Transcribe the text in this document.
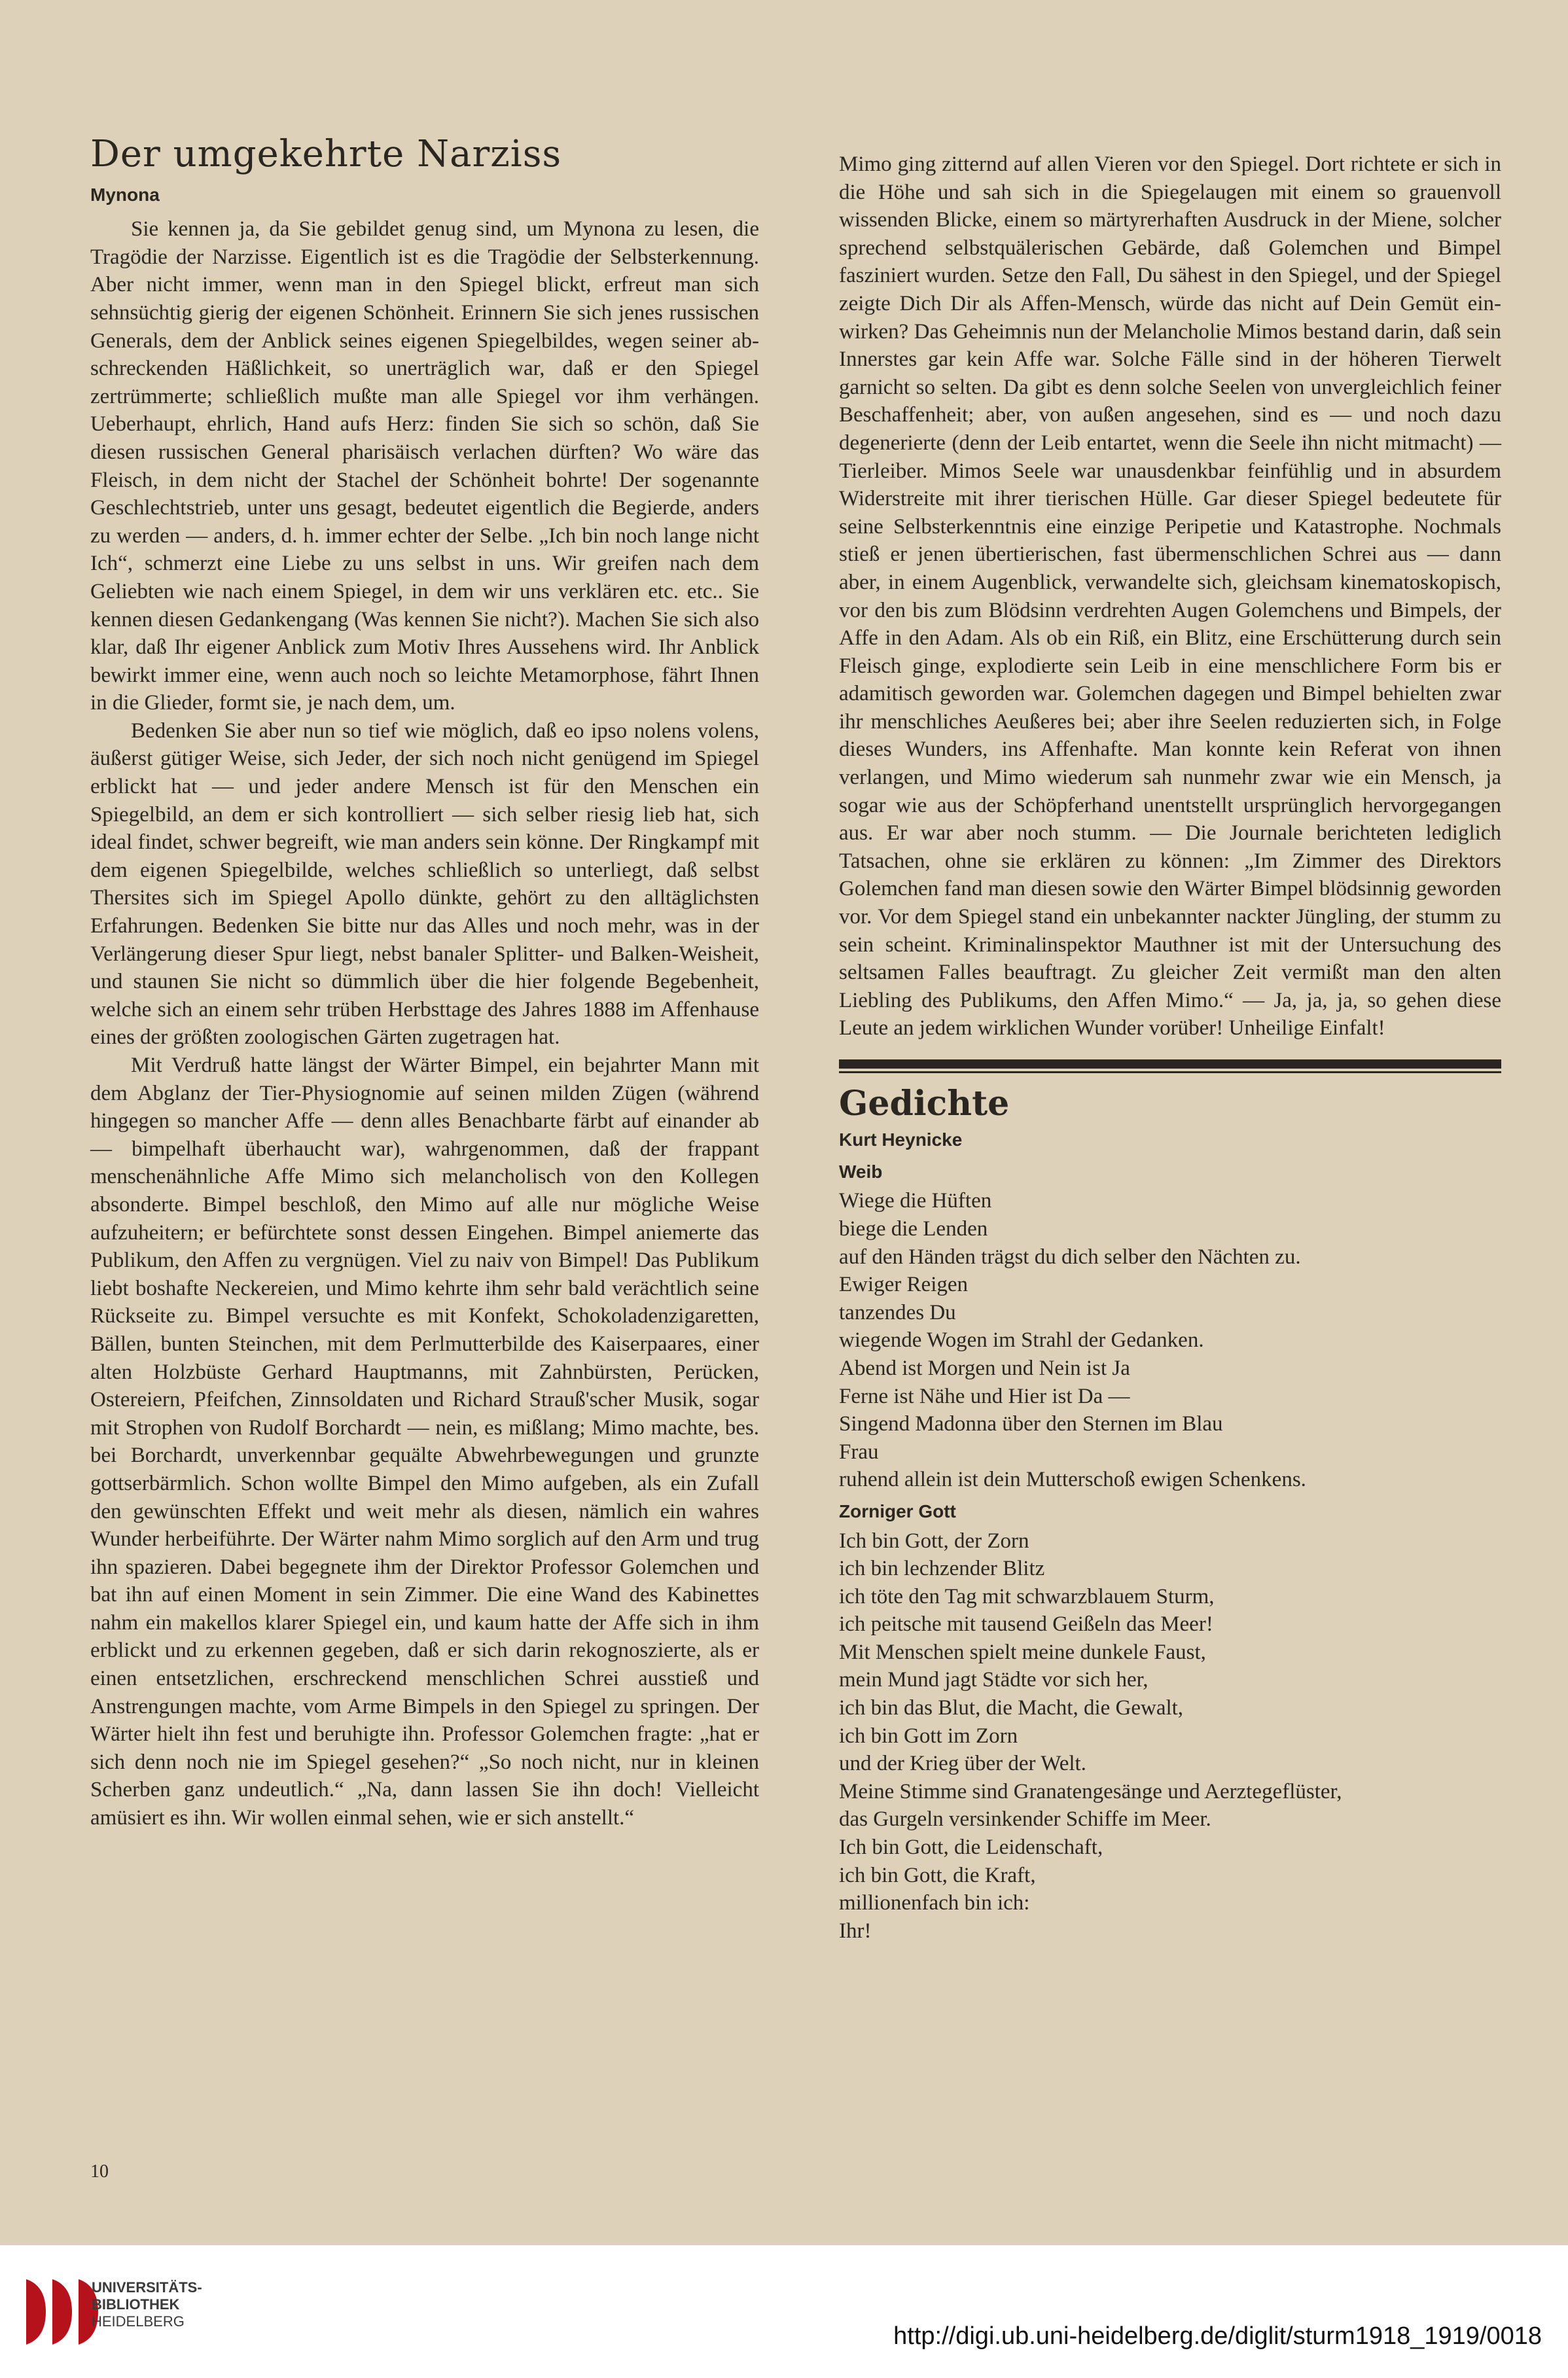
Der umgekehrte Narziss

Mynona

Sie kennen ja, da Sie gebildet genug sind, um Mynona zu lesen, die Tragödie der Narzisse. Eigentlich ist es die Tragödie der Selbsterkennung. Aber nicht immer, wenn man in den Spiegel blickt, erfreut man sich sehnsüchtig gierig der eigenen Schönheit. Erinnern Sie sich jenes russischen Generals, dem der Anblick seines eigenen Spiegelbildes, wegen seiner abschreckenden Häßlichkeit, so unerträglich war, daß er den Spiegel zertrümmerte; schließlich mußte man alle Spiegel vor ihm verhängen. Ueberhaupt, ehrlich, Hand aufs Herz: finden Sie sich so schön, daß Sie diesen russischen General pharisäisch verlachen dürften? Wo wäre das Fleisch, in dem nicht der Stachel der Schönheit bohrte! Der sogenannte Geschlechtstrieb, unter uns gesagt, bedeutet eigentlich die Begierde, anders zu werden — anders, d. h. immer echter der Selbe. „Ich bin noch lange nicht Ich“, schmerzt eine Liebe zu uns selbst in uns. Wir greifen nach dem Geliebten wie nach einem Spiegel, in dem wir uns verklären etc. etc.. Sie kennen diesen Gedankengang (Was kennen Sie nicht?). Machen Sie sich also klar, daß Ihr eigener Anblick zum Motiv Ihres Aussehens wird. Ihr Anblick bewirkt immer eine, wenn auch noch so leichte Metamorphose, fährt Ihnen in die Glieder, formt sie, je nach dem, um.

Bedenken Sie aber nun so tief wie möglich, daß eo ipso nolens volens, äußerst gütiger Weise, sich Jeder, der sich noch nicht genügend im Spiegel erblickt hat — und jeder andere Mensch ist für den Menschen ein Spiegelbild, an dem er sich kontrolliert — sich selber riesig lieb hat, sich ideal findet, schwer begreift, wie man anders sein könne. Der Ringkampf mit dem eigenen Spiegelbilde, welches schließlich so unterliegt, daß selbst Thersites sich im Spiegel Apollo dünkte, gehört zu den alltäglichsten Erfahrungen. Bedenken Sie bitte nur das Alles und noch mehr, was in der Verlängerung dieser Spur liegt, nebst banaler Splitter- und Balken-Weisheit, und staunen Sie nicht so dümmlich über die hier folgende Begebenheit, welche sich an einem sehr trüben Herbsttage des Jahres 1888 im Affenhause eines der größten zoologischen Gärten zugetragen hat.

Mit Verdruß hatte längst der Wärter Bimpel, ein bejahrter Mann mit dem Abglanz der Tier-Physiognomie auf seinen milden Zügen (während hingegen so mancher Affe — denn alles Benachbarte färbt auf einander ab — bimpelhaft überhaucht war), wahrgenommen, daß der frappant menschenähnliche Affe Mimo sich melancholisch von den Kollegen absonderte. Bimpel beschloß, den Mimo auf alle nur mögliche Weise aufzuheitern; er befürchtete sonst dessen Eingehen. Bimpel aniemerte das Publikum, den Affen zu vergnügen. Viel zu naiv von Bimpel! Das Publikum liebt boshafte Neckereien, und Mimo kehrte ihm sehr bald verächtlich seine Rückseite zu. Bimpel versuchte es mit Konfekt, Schokoladenzigaretten, Bällen, bunten Steinchen, mit dem Perlmutterbilde des Kaiserpaares, einer alten Holzbüste Gerhard Hauptmanns, mit Zahnbürsten, Perücken, Ostereiern, Pfeifchen, Zinnsoldaten und Richard Strauß'scher Musik, sogar mit Strophen von Rudolf Borchardt — nein, es mißlang; Mimo machte, bes. bei Borchardt, unverkennbar gequälte Abwehrbewegungen und grunzte gottserbärmlich. Schon wollte Bimpel den Mimo aufgeben, als ein Zufall den gewünschten Effekt und weit mehr als diesen, nämlich ein wahres Wunder herbeiführte. Der Wärter nahm Mimo sorglich auf den Arm und trug ihn spazieren. Dabei begegnete ihm der Direktor Professor Golemchen und bat ihn auf einen Moment in sein Zimmer. Die eine Wand des Kabinettes nahm ein makellos klarer Spiegel ein, und kaum hatte der Affe sich in ihm erblickt und zu erkennen gegeben, daß er sich darin rekognoszierte, als er einen entsetzlichen, erschreckend menschlichen Schrei ausstieß und Anstrengungen machte, vom Arme Bimpels in den Spiegel zu springen. Der Wärter hielt ihn fest und beruhigte ihn. Professor Golemchen fragte: „hat er sich denn noch nie im Spiegel gesehen?“ „So noch nicht, nur in kleinen Scherben ganz undeutlich.“ „Na, dann lassen Sie ihn doch! Vielleicht amüsiert es ihn. Wir wollen einmal sehen, wie er sich anstellt.“

Mimo ging zitternd auf allen Vieren vor den Spiegel. Dort richtete er sich in die Höhe und sah sich in die Spiegelaugen mit einem so grauenvoll wissenden Blicke, einem so märtyrerhaften Ausdruck in der Miene, solcher sprechend selbstquälerischen Gebärde, daß Golemchen und Bimpel fasziniert wurden. Setze den Fall, Du sähest in den Spiegel, und der Spiegel zeigte Dich Dir als Affen-Mensch, würde das nicht auf Dein Gemüt einwirken? Das Geheimnis nun der Melancholie Mimos bestand darin, daß sein Innerstes gar kein Affe war. Solche Fälle sind in der höheren Tierwelt garnicht so selten. Da gibt es denn solche Seelen von unvergleichlich feiner Beschaffenheit; aber, von außen angesehen, sind es — und noch dazu degenerierte (denn der Leib entartet, wenn die Seele ihn nicht mitmacht) — Tierleiber. Mimos Seele war unausdenkbar feinfühlig und in absurdem Widerstreite mit ihrer tierischen Hülle. Gar dieser Spiegel bedeutete für seine Selbsterkenntnis eine einzige Peripetie und Katastrophe. Nochmals stieß er jenen übertierischen, fast übermenschlichen Schrei aus — dann aber, in einem Augenblick, verwandelte sich, gleichsam kinematoskopisch, vor den bis zum Blödsinn verdrehten Augen Golemchens und Bimpels, der Affe in den Adam. Als ob ein Riß, ein Blitz, eine Erschütterung durch sein Fleisch ginge, explodierte sein Leib in eine menschlichere Form bis er adamitisch geworden war. Golemchen dagegen und Bimpel behielten zwar ihr menschliches Aeußeres bei; aber ihre Seelen reduzierten sich, in Folge dieses Wunders, ins Affenhafte. Man konnte kein Referat von ihnen verlangen, und Mimo wiederum sah nunmehr zwar wie ein Mensch, ja sogar wie aus der Schöpferhand unentstellt ursprünglich hervorgegangen aus. Er war aber noch stumm. — Die Journale berichteten lediglich Tatsachen, ohne sie erklären zu können: „Im Zimmer des Direktors Golemchen fand man diesen sowie den Wärter Bimpel blödsinnig geworden vor. Vor dem Spiegel stand ein unbekannter nackter Jüngling, der stumm zu sein scheint. Kriminalinspektor Mauthner ist mit der Untersuchung des seltsamen Falles beauftragt. Zu gleicher Zeit vermißt man den alten Liebling des Publikums, den Affen Mimo.“ — Ja, ja, ja, so gehen diese Leute an jedem wirklichen Wunder vorüber! Unheilige Einfalt!

Gedichte

Kurt Heynicke

Weib

Wiege die Hüften
biege die Lenden
auf den Händen trägst du dich selber den Nächten zu.
Ewiger Reigen
tanzendes Du
wiegende Wogen im Strahl der Gedanken.
Abend ist Morgen und Nein ist Ja
Ferne ist Nähe und Hier ist Da —
Singend Madonna über den Sternen im Blau
Frau
ruhend allein ist dein Mutterschoß ewigen Schenkens.

Zorniger Gott

Ich bin Gott, der Zorn
ich bin lechzender Blitz
ich töte den Tag mit schwarzblauem Sturm,
ich peitsche mit tausend Geißeln das Meer!
Mit Menschen spielt meine dunkele Faust,
mein Mund jagt Städte vor sich her,
ich bin das Blut, die Macht, die Gewalt,
ich bin Gott im Zorn
und der Krieg über der Welt.
Meine Stimme sind Granatengesänge und Aerztegeflüster,
das Gurgeln versinkender Schiffe im Meer.
Ich bin Gott, die Leidenschaft,
ich bin Gott, die Kraft,
millionenfach bin ich:
Ihr!
10
UNIVERSITÄTS-
BIBLIOTHEK
HEIDELBERG
http://digi.ub.uni-heidelberg.de/diglit/sturm1918_1919/0018
